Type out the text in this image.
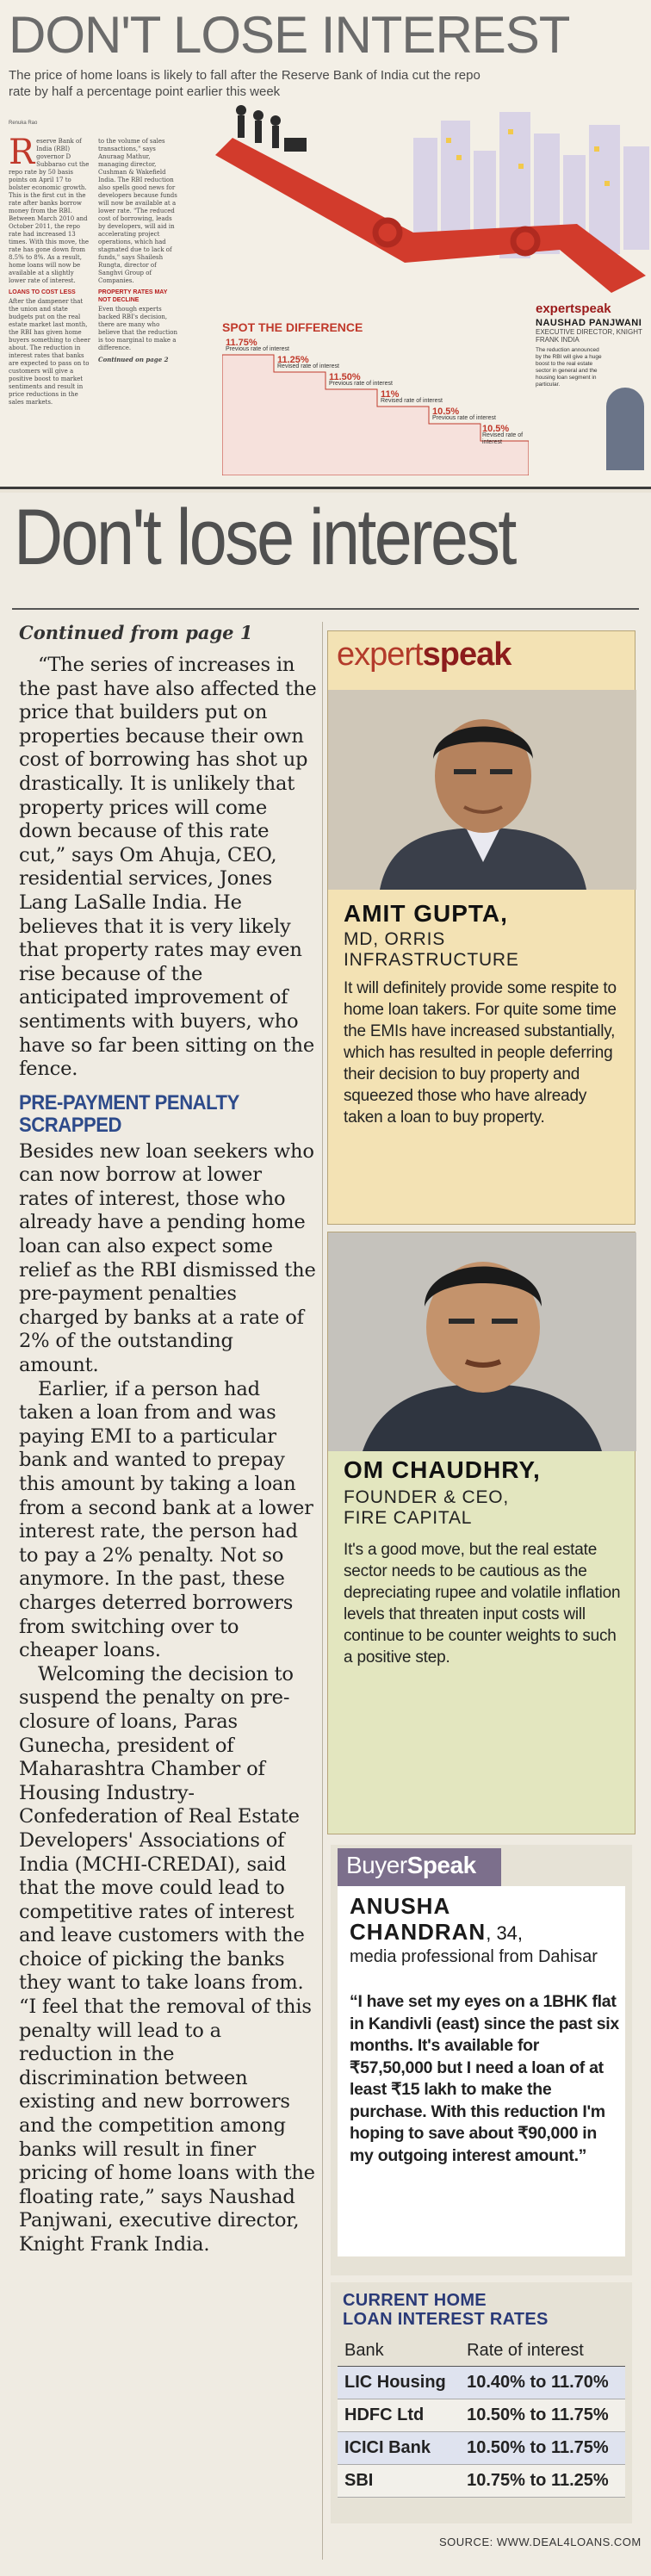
DON'T LOSE INTEREST
The price of home loans is likely to fall after the Reserve Bank of India cut the repo rate by half a percentage point earlier this week
Renuka Rao

Reserve Bank of India (RBI) governor D Subbarao cut the repo rate by 50 basis points on April 17 to bolster economic growth. This is the first cut in the rate after banks borrow money from the RBI. Between March 2010 and October 2011, the repo rate had increased 13 times. With this move, the rate has gone down from 8.5% to 8%. As a result, home loans will now be available at a slightly lower rate of interest.

LOANS TO COST LESS

After the dampener that the union and state budgets put on the real estate market last month, the RBI has given home buyers something to cheer about. The reduction in interest rates that banks are expected to pass on to customers will give a positive boost to market sentiments and result in price reductions in the sales markets.

to the volume of sales transactions," says Anuraag Mathur, managing director, Cushman & Wakefield India. The RBI reduction also spells good news for developers because funds will now be available at a lower rate. "The reduced cost of borrowing, leads by developers, will aid in accelerating project operations, which had stagnated due to lack of funds," says Shailesh Rungta, director of Sanghvi Group of Companies.

PROPERTY RATES MAY NOT DECLINE

Even though experts backed RBI's decision, there are many who believe that the reduction is too marginal to make a difference.

Continued on page 2

SPOT THE DIFFERENCE
11.75%
Previous rate of interest
11.25%
Revised rate of interest
11.50%
Previous rate of interest
11%
Revised rate of interest
10.5%
Previous rate of interest
10.5%
Revised rate of interest
expertspeak
NAUSHAD PANJWANI
EXECUTIVE DIRECTOR, KNIGHT FRANK INDIA
The reduction announced by the RBI will give a huge boost to the real estate sector in general and the housing loan segment in particular.
Don't lose interest
Continued from page 1

“The series of increases in the past have also affected the price that builders put on properties because their own cost of borrowing has shot up drastically. It is unlikely that property prices will come down because of this rate cut,” says Om Ahuja, CEO, residential services, Jones Lang LaSalle India. He believes that it is very likely that property rates may even rise because of the anticipated improvement of sentiments with buyers, who have so far been sitting on the fence.

PRE-PAYMENT PENALTY SCRAPPED

Besides new loan seekers who can now borrow at lower rates of interest, those who already have a pending home loan can also expect some relief as the RBI dismissed the pre-payment penalties charged by banks at a rate of 2% of the outstanding amount.

Earlier, if a person had taken a loan from and was paying EMI to a particular bank and wanted to prepay this amount by taking a loan from a second bank at a lower interest rate, the person had to pay a 2% penalty. Not so anymore. In the past, these charges deterred borrowers from switching over to cheaper loans.

Welcoming the decision to suspend the penalty on pre-closure of loans, Paras Gunecha, president of Maharashtra Chamber of Housing Industry-Confederation of Real Estate Developers' Associations of India (MCHI-CREDAI), said that the move could lead to competitive rates of interest and leave customers with the choice of picking the banks they want to take loans from. “I feel that the removal of this penalty will lead to a reduction in the discrimination between existing and new borrowers and the competition among banks will result in finer pricing of home loans with the floating rate,” says Naushad Panjwani, executive director, Knight Frank India.

expertspeak
AMIT GUPTA,
MD, ORRIS
INFRASTRUCTURE
It will definitely provide some respite to home loan takers. For quite some time the EMIs have increased substantially, which has resulted in people deferring their decision to buy property and squeezed those who have already taken a loan to buy property.
OM CHAUDHRY,
FOUNDER & CEO,
FIRE CAPITAL
It's a good move, but the real estate sector needs to be cautious as the depreciating rupee and volatile inflation levels that threaten input costs will continue to be counter weights to such a positive step.
BuyerSpeak
ANUSHA
CHANDRAN, 34,
media professional from Dahisar
“I have set my eyes on a 1BHK flat in Kandivli (east) since the past six months. It's available for ₹57,50,000 but I need a loan of at least ₹15 lakh to make the purchase. With this reduction I'm hoping to save about ₹90,000 in my outgoing interest amount.”
CURRENT HOME
LOAN INTEREST RATES
Bank	Rate of interest
LIC Housing	10.40% to 11.70%
HDFC Ltd	10.50% to 11.75%
ICICI Bank	10.50% to 11.75%
SBI	10.75% to 11.25%
SOURCE: WWW.DEAL4LOANS.COM
